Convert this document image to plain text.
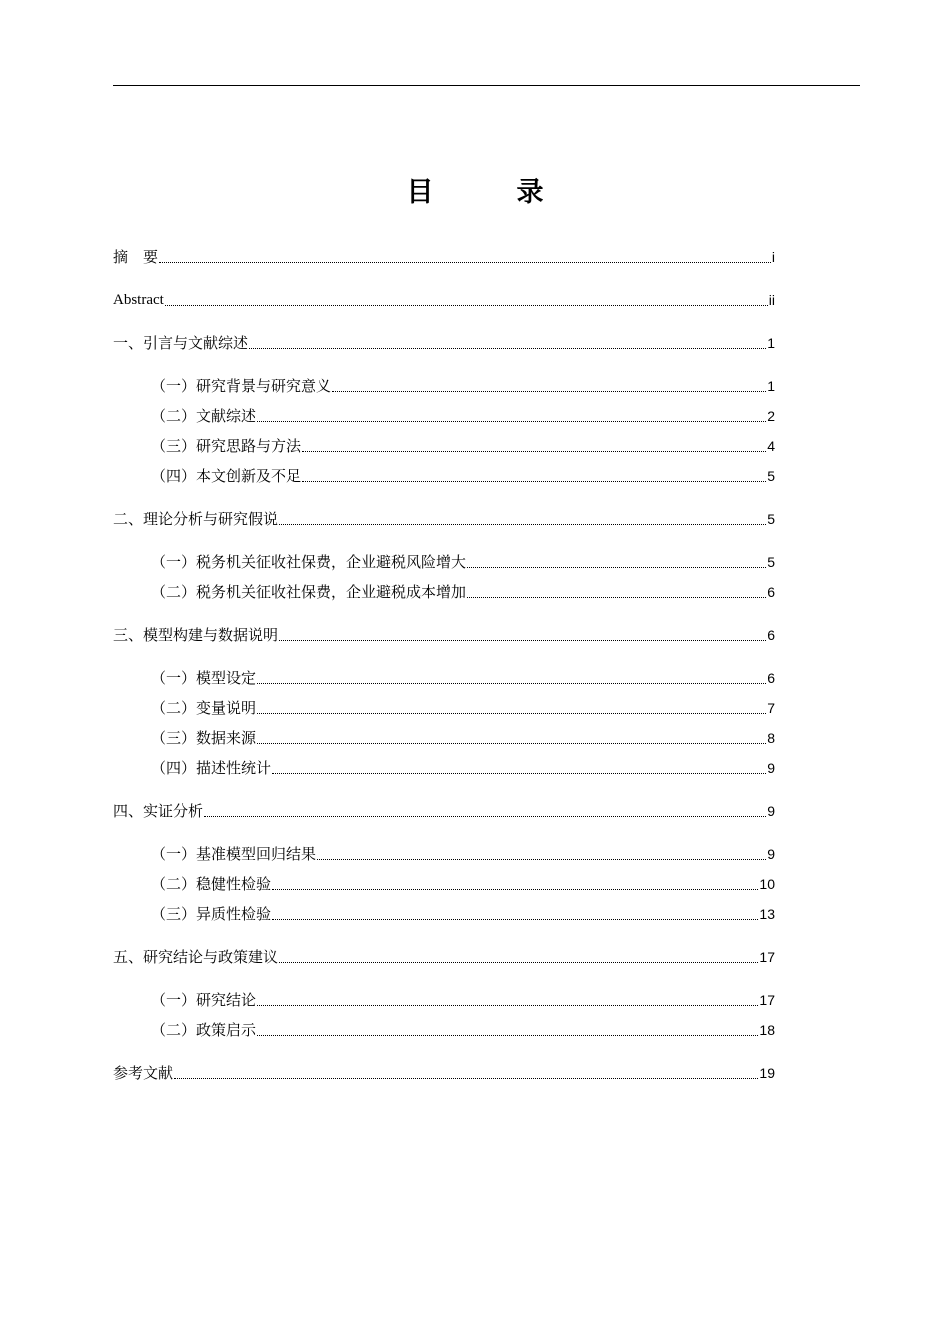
目　录
摘　要	i
Abstract	ii
一、引言与文献综述	1
（一）研究背景与研究意义	1
（二）文献综述	2
（三）研究思路与方法	4
（四）本文创新及不足	5
二、理论分析与研究假说	5
（一）税务机关征收社保费，企业避税风险增大	5
（二）税务机关征收社保费，企业避税成本增加	6
三、模型构建与数据说明	6
（一）模型设定	6
（二）变量说明	7
（三）数据来源	8
（四）描述性统计	9
四、实证分析	9
（一）基准模型回归结果	9
（二）稳健性检验	10
（三）异质性检验	13
五、研究结论与政策建议	17
（一）研究结论	17
（二）政策启示	18
参考文献	19
